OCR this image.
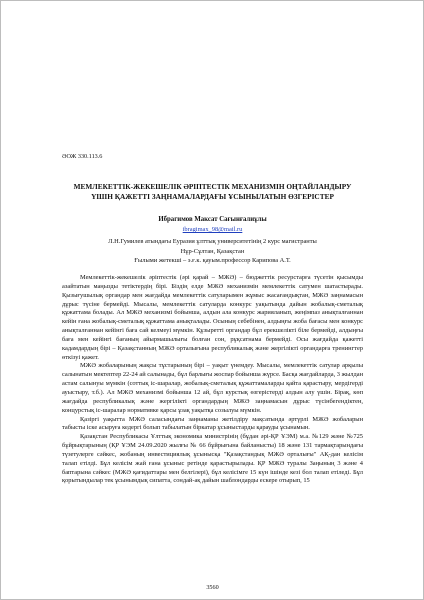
ӘОЖ 330.113.6
МЕМЛЕКЕТТІК-ЖЕКЕШЕЛІК ӘРІПТЕСТІК МЕХАНИЗМІН ОҢТАЙЛАНДЫРУ
ҮШІН ҚАЖЕТТІ ЗАҢНАМАЛАРДАҒЫ ҰСЫНЫЛАТЫН ӨЗГЕРІСТЕР
Ибрагимов Максат Сағынғалиұлы
ibragimax_98@mail.ru
Л.Н.Гумилев атындағы Еуразия ұлттық университетінің 2 курс магистранты
Нұр-Сұлтан, Қазақстан
Ғылыми жетекші – э.ғ.к. қауым.профессор Карипова А.Т.

Мемлекеттік-жекешелік әріптестік (әрі қарай – МЖӘ) – бюджеттік ресурстарға түсетін қысымды азайтатын маңызды тетіктердің бірі. Біздің елде МЖӘ механизмін мемлекеттік сатумен шатастырады. Қызығушылық органдар мен жағдайда мемлекеттік сатуларымен жұмыс жасағандықтан, МЖӘ заңнамасын дұрыс түсіне бермейді. Мысалы, мемлекеттік сатуларда конкурс уақытында дайын жобалық-сметалық құжаттама болады. Ал МЖӘ механизмі бойынша, алдын ала конкурс жарияланып, жеңімпаз анықталғаннан кейін ғана жобалық-сметалық құжаттама анықталады. Осының себебінен, алдыңғы жоба бағасы мен конкурс анықталғаннан кейінгі баға сай келмеуі мүмкін. Құзыретті органдар бұл ерекшелікті біле бермейді, алдыңғы баға мен кейінгі бағаның айырмашылығы болған сон, рұқсатнама бермейді. Осы жағдайда қажетті кадамдардың бірі – Қазақстанның МЖӘ орталығына республикалық және жергілікті органдарға тренингтер өткізуі қажет.

МЖӘ жобаларының жақсы тұстарының бірі – уақыт үнемдеу. Мысалы, мемлекеттік сатулар арқылы салынатын мектептер 22-24 ай салынады, бұл барлығы жоспар бойынша жүрсе. Басқа жағдайларда, 3 жылдан астам салынуы мүмкін (соттық іс-шаралар, жобалық-сметалық құжаттамаларды қайта қарастыру, мердігерді ауыстыру, т.б.). Ал МЖӘ механизмі бойынша 12 ай, бұл курстық өзгерістерді алдын алу үшін. Бірақ, көп жағдайда республикалық және жергілікті органдардың МЖӘ заңнамасын дұрыс түсінбегендіктен, концурстық іс-шаралар нормативке қарсы ұзақ уақытқа созылуы мүмкін.

Қазіргі уақытта МЖӘ саласындағы заңнаманы жетілдіру мақсатында әртүрлі МЖӘ жобаларын табысты іске асыруға кедергі болып табылатын біркатар ұсыныстарды қарауды ұсынамын.

Қазақстан Республикасы Ұлттық экономика министрінің (бұдан әрі-ҚР ҰЭМ) м.а. №129 және №725 бұйрықтарының (ҚР ҰЭМ 24.09.2020 жылғы № 66 бұйрығына байланысты) 18 және 131 тармақтарындағы түзетулерге сәйкес, жобаның инвестициялық ұсынысқа "Қазақстандық МЖӘ орталығы" АҚ-дан келісім талап етілді. Бұл келісім жай ғана ұсыныс ретінде қарастырылады. ҚР МЖӘ туралы Заңының 3 және 4 баптарына сәйкес (МЖӘ қағидаттары мен белгілері), бұл келісімге 15 күн ішінде кезі бол талап етіледі. Бұл қорытындылар тек ұсынымдық сипатта, сондай-ақ дайын шаблондарды ескере отырып, 15

3560
